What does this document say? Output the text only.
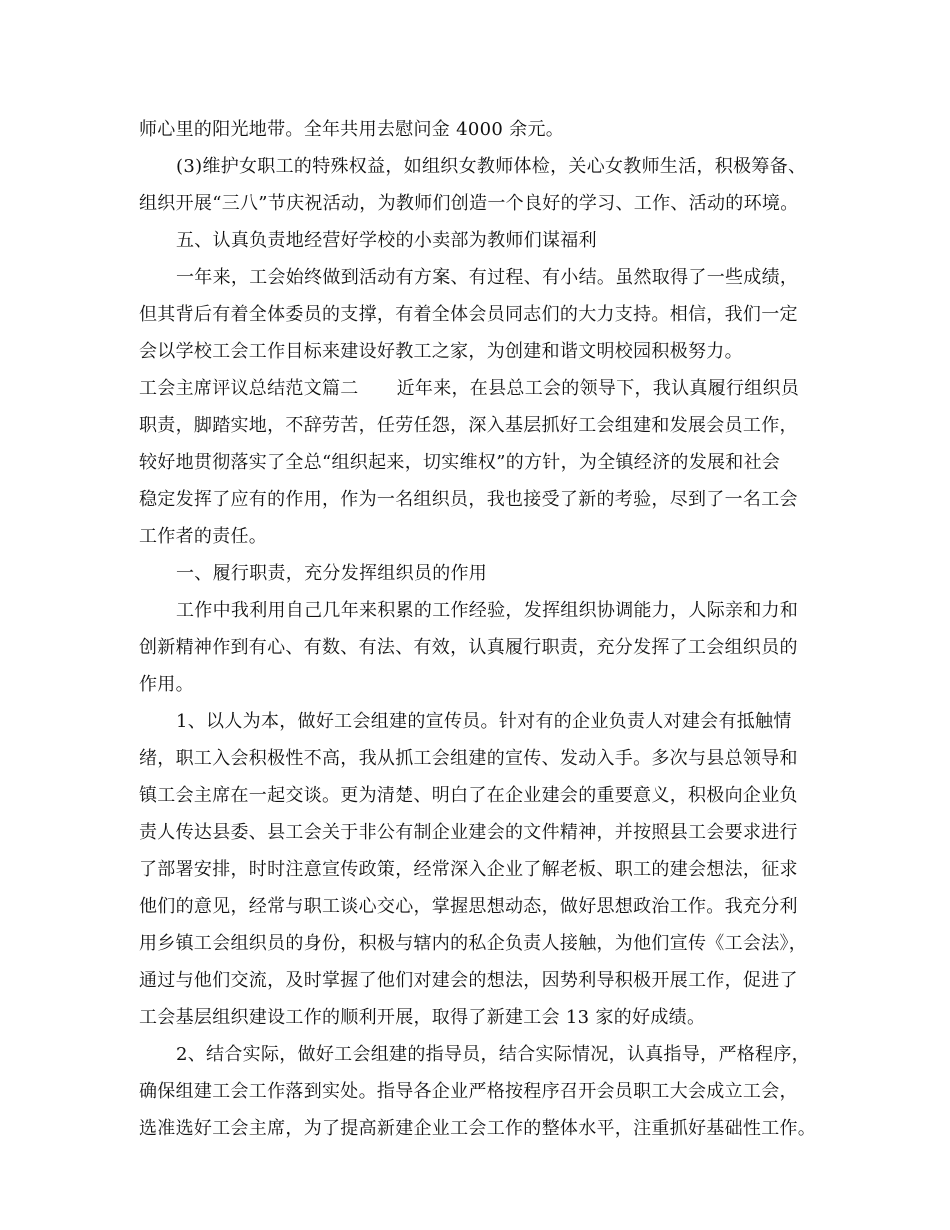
师心里的阳光地带。全年共用去慰问金 4000 余元。
(3)维护女职工的特殊权益，如组织女教师体检，关心女教师生活，积极筹备、
组织开展“三八”节庆祝活动，为教师们创造一个良好的学习、工作、活动的环境。
五、认真负责地经营好学校的小卖部为教师们谋福利
一年来，工会始终做到活动有方案、有过程、有小结。虽然取得了一些成绩，
但其背后有着全体委员的支撑，有着全体会员同志们的大力支持。相信，我们一定
会以学校工会工作目标来建设好教工之家，为创建和谐文明校园积极努力。
工会主席评议总结范文篇二 近年来，在县总工会的领导下，我认真履行组织员
职责，脚踏实地，不辞劳苦，任劳任怨，深入基层抓好工会组建和发展会员工作，
较好地贯彻落实了全总“组织起来，切实维权”的方针，为全镇经济的发展和社会
稳定发挥了应有的作用，作为一名组织员，我也接受了新的考验，尽到了一名工会
工作者的责任。
一、履行职责，充分发挥组织员的作用
工作中我利用自己几年来积累的工作经验，发挥组织协调能力，人际亲和力和
创新精神作到有心、有数、有法、有效，认真履行职责，充分发挥了工会组织员的
作用。
1、以人为本，做好工会组建的宣传员。针对有的企业负责人对建会有抵触情
绪，职工入会积极性不高，我从抓工会组建的宣传、发动入手。多次与县总领导和
镇工会主席在一起交谈。更为清楚、明白了在企业建会的重要意义，积极向企业负
责人传达县委、县工会关于非公有制企业建会的文件精神，并按照县工会要求进行
了部署安排，时时注意宣传政策，经常深入企业了解老板、职工的建会想法，征求
他们的意见，经常与职工谈心交心，掌握思想动态，做好思想政治工作。我充分利
用乡镇工会组织员的身份，积极与辖内的私企负责人接触，为他们宣传《工会法》，
通过与他们交流，及时掌握了他们对建会的想法，因势利导积极开展工作，促进了
工会基层组织建设工作的顺利开展，取得了新建工会 13 家的好成绩。
2、结合实际，做好工会组建的指导员，结合实际情况，认真指导，严格程序，
确保组建工会工作落到实处。指导各企业严格按程序召开会员职工大会成立工会，
选准选好工会主席，为了提高新建企业工会工作的整体水平，注重抓好基础性工作。
